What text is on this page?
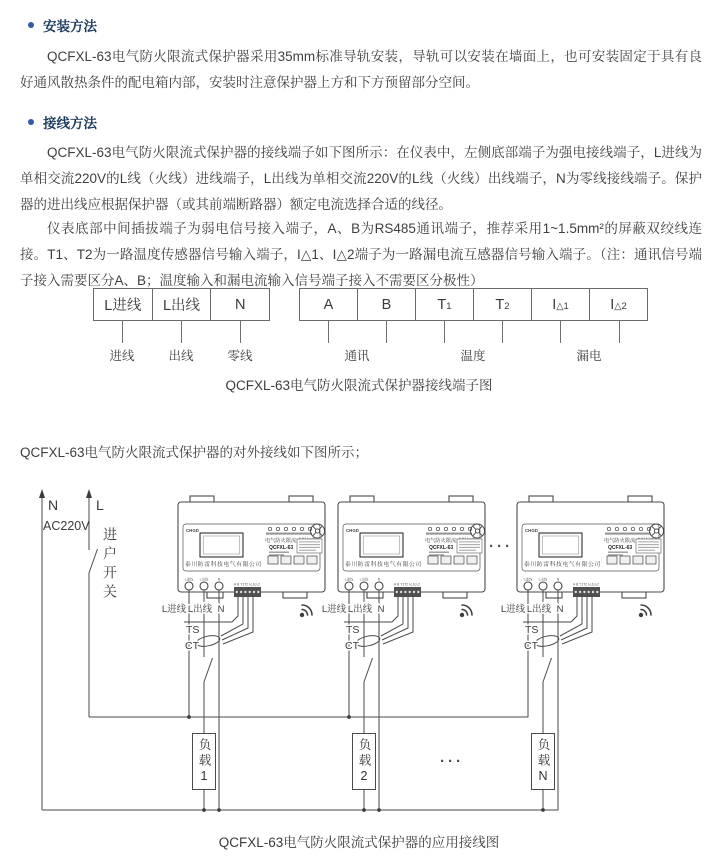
安装方法
QCFXL-63电气防火限流式保护器采用35mm标准导轨安装，导轨可以安装在墙面上，也可安装固定于具有良好通风散热条件的配电箱内部，安装时注意保护器上方和下方预留部分空间。
接线方法
QCFXL-63电气防火限流式保护器的接线端子如下图所示：在仪表中，左侧底部端子为强电接线端子，L进线为单相交流220V的L线（火线）进线端子，L出线为单相交流220V的L线（火线）出线端子，N为零线接线端子。保护器的进出线应根据保护器（或其前端断路器）额定电流选择合适的线径。
仪表底部中间插拔端子为弱电信号接入端子，A、B为RS485通讯端子，推荐采用1~1.5mm²的屏蔽双绞线连接。T1、T2为一路温度传感器信号输入端子，I△1、I△2端子为一路漏电流互感器信号输入端子。（注：通讯信号端子接入需要区分A、B；温度输入和漏电流输入信号端子接入不需要区分极性）
L进线 L出线 N	A	B	T 1	T 2	I △1	I △2
进线	出线	零线	通讯	温度	漏电
QCFXL-63电气防火限流式保护器接线端子图
QCFXL-63电气防火限流式保护器的对外接线如下图所示；
N	L
AC220V
···
···
进户开关
负载1	负载2	负载N
QCFXL-63电气防火限流式保护器的应用接线图
